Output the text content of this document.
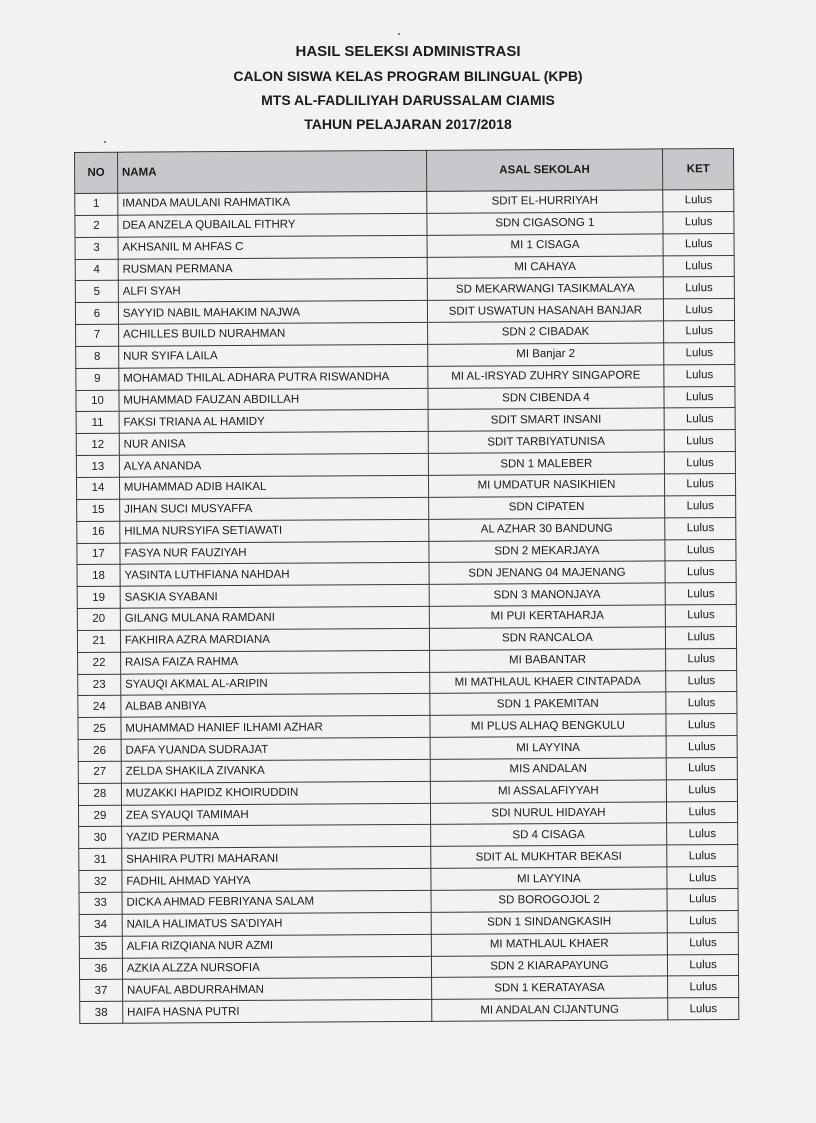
HASIL SELEKSI ADMINISTRASI
CALON SISWA KELAS PROGRAM BILINGUAL (KPB)
MTS AL-FADLILIYAH DARUSSALAM CIAMIS
TAHUN PELAJARAN 2017/2018
NO	NAMA	ASAL SEKOLAH	KET
1	IMANDA MAULANI RAHMATIKA	SDIT EL-HURRIYAH	Lulus
2	DEA ANZELA QUBAILAL FITHRY	SDN CIGASONG 1	Lulus
3	AKHSANIL M AHFAS C	MI 1 CISAGA	Lulus
4	RUSMAN PERMANA	MI CAHAYA	Lulus
5	ALFI SYAH	SD MEKARWANGI TASIKMALAYA	Lulus
6	SAYYID NABIL MAHAKIM NAJWA	SDIT USWATUN HASANAH BANJAR	Lulus
7	ACHILLES BUILD NURAHMAN	SDN 2 CIBADAK	Lulus
8	NUR SYIFA LAILA	MI Banjar 2	Lulus
9	MOHAMAD THILAL ADHARA PUTRA RISWANDHA	MI AL-IRSYAD ZUHRY SINGAPORE	Lulus
10	MUHAMMAD FAUZAN ABDILLAH	SDN CIBENDA 4	Lulus
11	FAKSI TRIANA AL HAMIDY	SDIT SMART INSANI	Lulus
12	NUR ANISA	SDIT TARBIYATUNISA	Lulus
13	ALYA ANANDA	SDN 1 MALEBER	Lulus
14	MUHAMMAD ADIB HAIKAL	MI UMDATUR NASIKHIEN	Lulus
15	JIHAN SUCI MUSYAFFA	SDN CIPATEN	Lulus
16	HILMA NURSYIFA SETIAWATI	AL AZHAR 30 BANDUNG	Lulus
17	FASYA NUR FAUZIYAH	SDN 2 MEKARJAYA	Lulus
18	YASINTA LUTHFIANA NAHDAH	SDN JENANG 04 MAJENANG	Lulus
19	SASKIA SYABANI	SDN 3 MANONJAYA	Lulus
20	GILANG MULANA RAMDANI	MI PUI KERTAHARJA	Lulus
21	FAKHIRA AZRA MARDIANA	SDN RANCALOA	Lulus
22	RAISA FAIZA RAHMA	MI BABANTAR	Lulus
23	SYAUQI AKMAL AL-ARIPIN	MI MATHLAUL KHAER CINTAPADA	Lulus
24	ALBAB ANBIYA	SDN 1 PAKEMITAN	Lulus
25	MUHAMMAD HANIEF ILHAMI AZHAR	MI PLUS ALHAQ BENGKULU	Lulus
26	DAFA YUANDA SUDRAJAT	MI LAYYINA	Lulus
27	ZELDA SHAKILA ZIVANKA	MIS ANDALAN	Lulus
28	MUZAKKI HAPIDZ KHOIRUDDIN	MI ASSALAFIYYAH	Lulus
29	ZEA SYAUQI TAMIMAH	SDI NURUL HIDAYAH	Lulus
30	YAZID PERMANA	SD 4 CISAGA	Lulus
31	SHAHIRA PUTRI MAHARANI	SDIT AL MUKHTAR BEKASI	Lulus
32	FADHIL AHMAD YAHYA	MI LAYYINA	Lulus
33	DICKA AHMAD FEBRIYANA SALAM	SD BOROGOJOL 2	Lulus
34	NAILA HALIMATUS SA'DIYAH	SDN 1 SINDANGKASIH	Lulus
35	ALFIA RIZQIANA NUR AZMI	MI MATHLAUL KHAER	Lulus
36	AZKIA ALZZA NURSOFIA	SDN 2 KIARAPAYUNG	Lulus
37	NAUFAL ABDURRAHMAN	SDN 1 KERATAYASA	Lulus
38	HAIFA HASNA PUTRI	MI ANDALAN CIJANTUNG	Lulus
